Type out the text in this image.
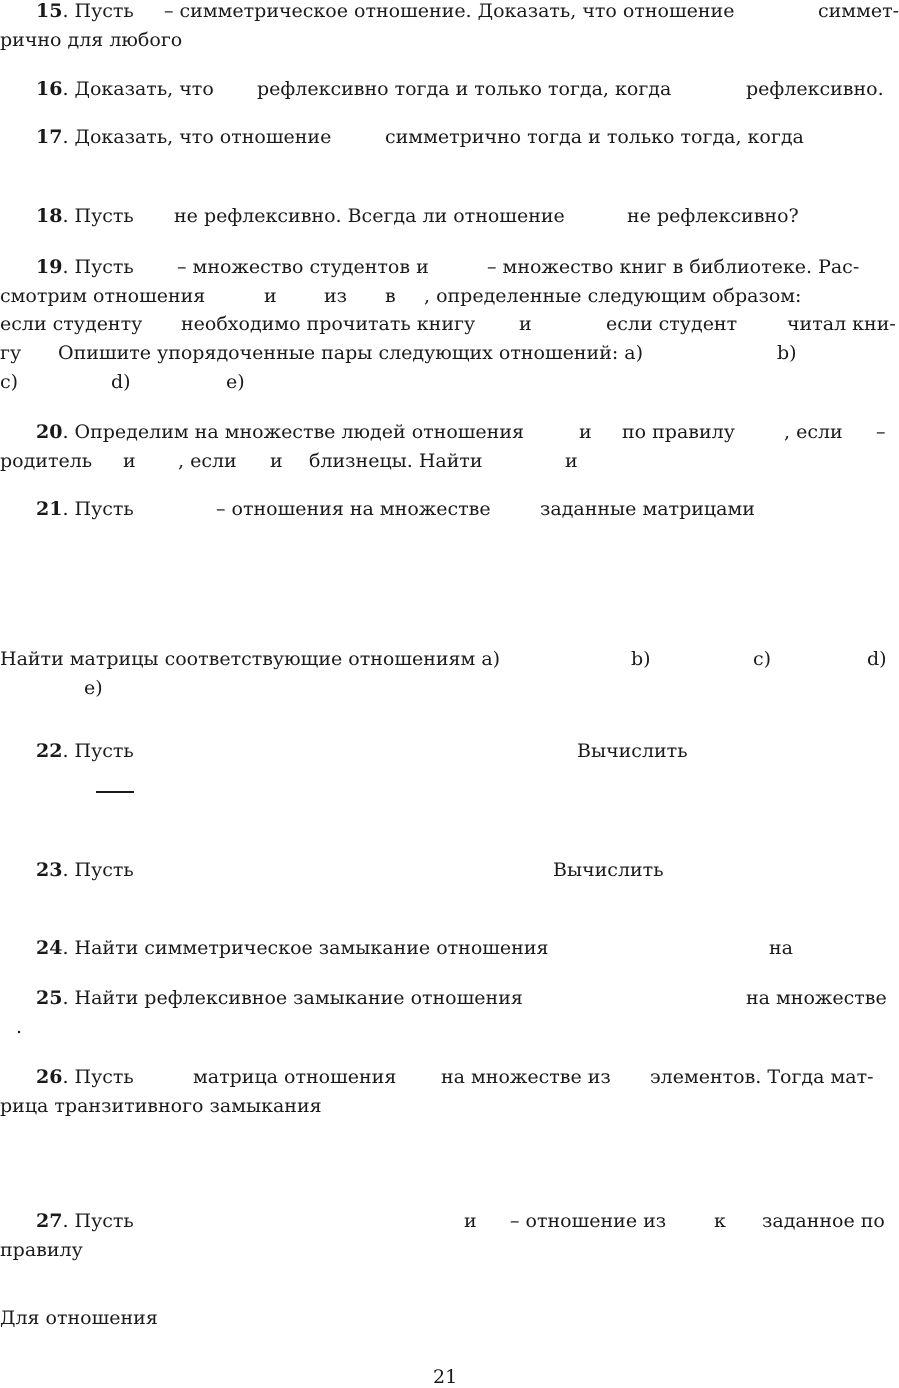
15. Пусть – симметрическое отношение. Доказать, что отношение	симмет-
рично для любого
16. Доказать, что рефлексивно тогда и только тогда, когда	рефлексивно.
17. Доказать, что отношение	симметрично тогда и только тогда, когда
18. Пусть не рефлексивно. Всегда ли отношение	не рефлексивно?
19. Пусть – множество студентов и	– множество книг в библиотеке. Рас-
смотрим отношения	и из в , определенные следующим образом:
если студенту необходимо прочитать книгу и	если студент	читал кни-
гу Опишите упорядоченные пары следующих отношений: a)	b)
c)	d)	e)
20. Определим на множестве людей отношения	и по правилу	, если –
родитель и , если и близнецы. Найти	и
21. Пусть	– отношения на множестве	заданные матрицами
Найти матрицы соответствующие отношениям a)	b)	c)	d)
e)
22. Пусть	Вычислить
23. Пусть	Вычислить
24. Найти симметрическое замыкание отношения	на
25. Найти рефлексивное замыкание отношения	на множестве
.
26. Пусть	матрица отношения на множестве из элементов. Тогда мат-
рица транзитивного замыкания
27. Пусть	и – отношение из	к заданное по
правилу
Для отношения
21
